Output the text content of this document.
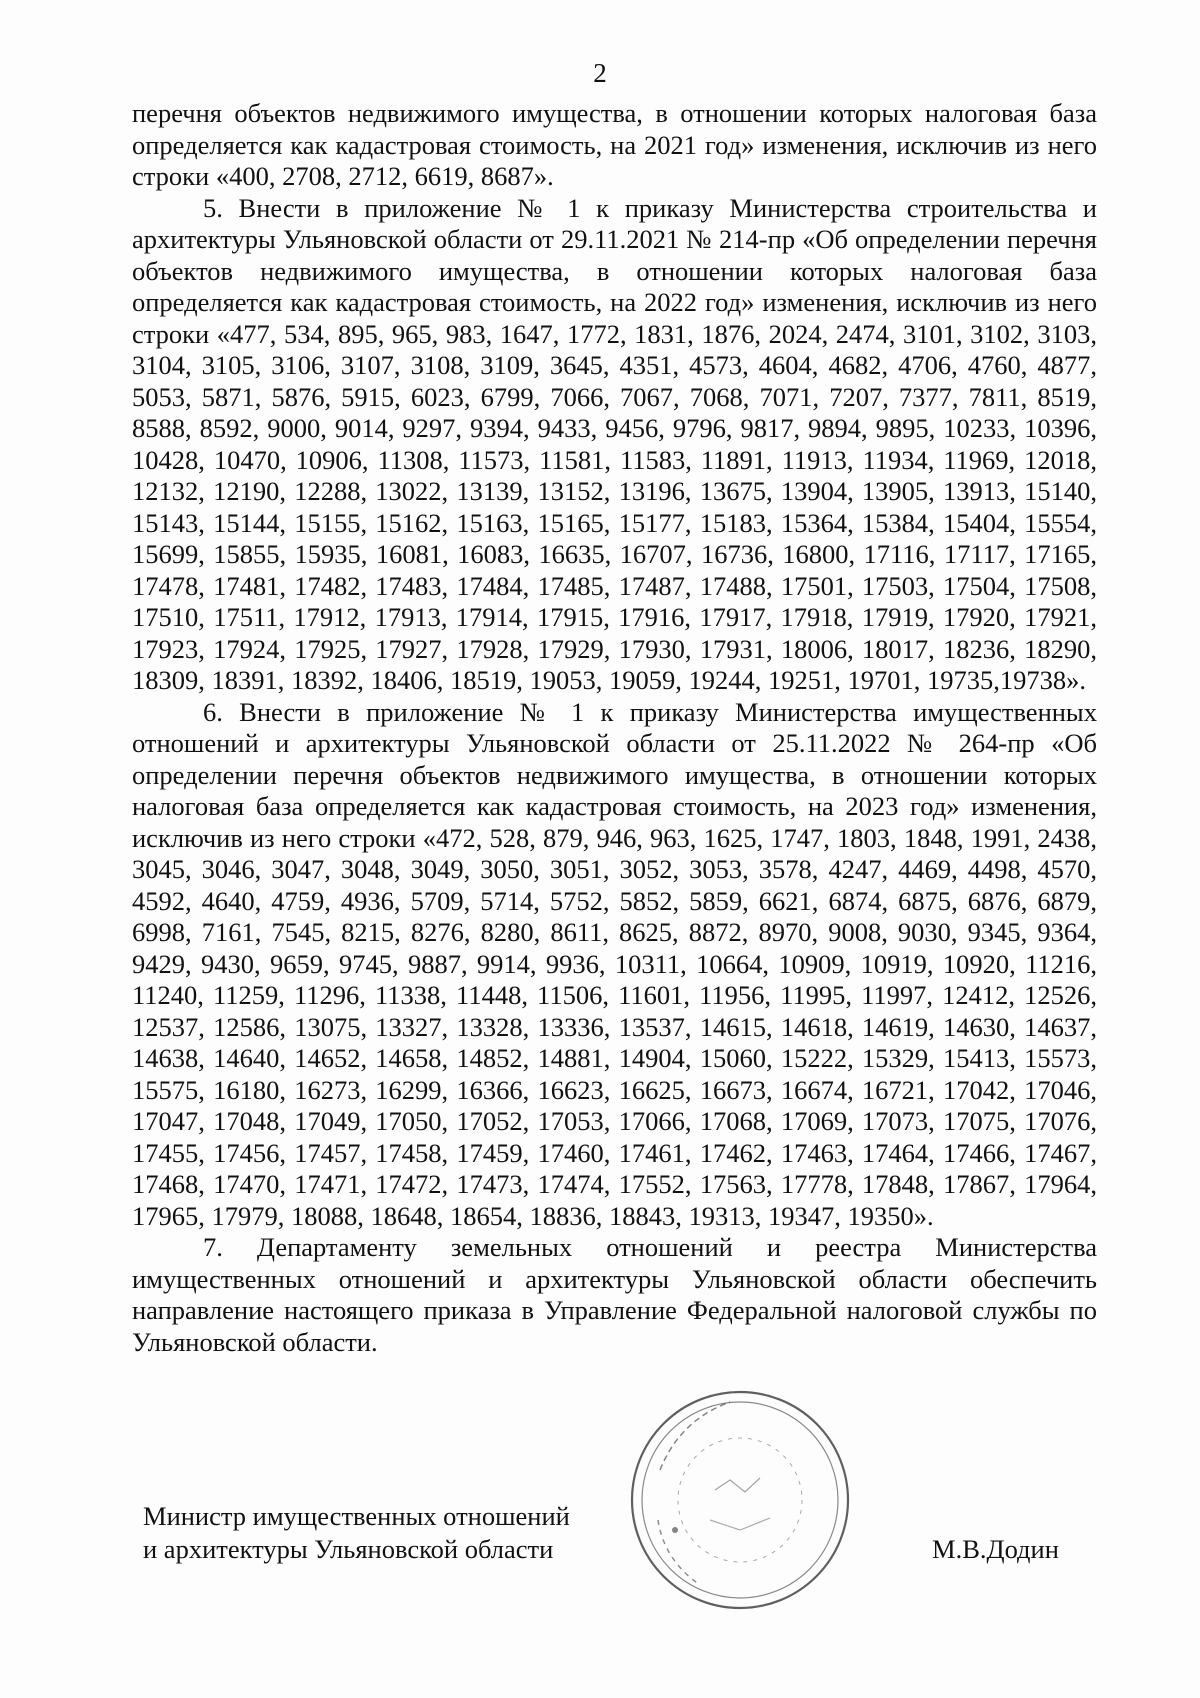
2

перечня объектов недвижимого имущества, в отношении которых налоговая база определяется как кадастровая стоимость, на 2021 год» изменения, исключив из него строки «400, 2708, 2712, 6619, 8687».

5. Внести в приложение № 1 к приказу Министерства строительства и архитектуры Ульяновской области от 29.11.2021 № 214-пр «Об определении перечня объектов недвижимого имущества, в отношении которых налоговая база определяется как кадастровая стоимость, на 2022 год» изменения, исключив из него строки «477, 534, 895, 965, 983, 1647, 1772, 1831, 1876, 2024, 2474, 3101, 3102, 3103, 3104, 3105, 3106, 3107, 3108, 3109, 3645, 4351, 4573, 4604, 4682, 4706, 4760, 4877, 5053, 5871, 5876, 5915, 6023, 6799, 7066, 7067, 7068, 7071, 7207, 7377, 7811, 8519, 8588, 8592, 9000, 9014, 9297, 9394, 9433, 9456, 9796, 9817, 9894, 9895, 10233, 10396, 10428, 10470, 10906, 11308, 11573, 11581, 11583, 11891, 11913, 11934, 11969, 12018, 12132, 12190, 12288, 13022, 13139, 13152, 13196, 13675, 13904, 13905, 13913, 15140, 15143, 15144, 15155, 15162, 15163, 15165, 15177, 15183, 15364, 15384, 15404, 15554, 15699, 15855, 15935, 16081, 16083, 16635, 16707, 16736, 16800, 17116, 17117, 17165, 17478, 17481, 17482, 17483, 17484, 17485, 17487, 17488, 17501, 17503, 17504, 17508, 17510, 17511, 17912, 17913, 17914, 17915, 17916, 17917, 17918, 17919, 17920, 17921, 17923, 17924, 17925, 17927, 17928, 17929, 17930, 17931, 18006, 18017, 18236, 18290, 18309, 18391, 18392, 18406, 18519, 19053, 19059, 19244, 19251, 19701, 19735,19738».

6. Внести в приложение № 1 к приказу Министерства имущественных отношений и архитектуры Ульяновской области от 25.11.2022 № 264-пр «Об определении перечня объектов недвижимого имущества, в отношении которых налоговая база определяется как кадастровая стоимость, на 2023 год» изменения, исключив из него строки «472, 528, 879, 946, 963, 1625, 1747, 1803, 1848, 1991, 2438, 3045, 3046, 3047, 3048, 3049, 3050, 3051, 3052, 3053, 3578, 4247, 4469, 4498, 4570, 4592, 4640, 4759, 4936, 5709, 5714, 5752, 5852, 5859, 6621, 6874, 6875, 6876, 6879, 6998, 7161, 7545, 8215, 8276, 8280, 8611, 8625, 8872, 8970, 9008, 9030, 9345, 9364, 9429, 9430, 9659, 9745, 9887, 9914, 9936, 10311, 10664, 10909, 10919, 10920, 11216, 11240, 11259, 11296, 11338, 11448, 11506, 11601, 11956, 11995, 11997, 12412, 12526, 12537, 12586, 13075, 13327, 13328, 13336, 13537, 14615, 14618, 14619, 14630, 14637, 14638, 14640, 14652, 14658, 14852, 14881, 14904, 15060, 15222, 15329, 15413, 15573, 15575, 16180, 16273, 16299, 16366, 16623, 16625, 16673, 16674, 16721, 17042, 17046, 17047, 17048, 17049, 17050, 17052, 17053, 17066, 17068, 17069, 17073, 17075, 17076, 17455, 17456, 17457, 17458, 17459, 17460, 17461, 17462, 17463, 17464, 17466, 17467, 17468, 17470, 17471, 17472, 17473, 17474, 17552, 17563, 17778, 17848, 17867, 17964, 17965, 17979, 18088, 18648, 18654, 18836, 18843, 19313, 19347, 19350».

7. Департаменту земельных отношений и реестра Министерства имущественных отношений и архитектуры Ульяновской области обеспечить направление настоящего приказа в Управление Федеральной налоговой службы по Ульяновской области.

Министр имущественных отношений
и архитектуры Ульяновской области	М.В.Додин
